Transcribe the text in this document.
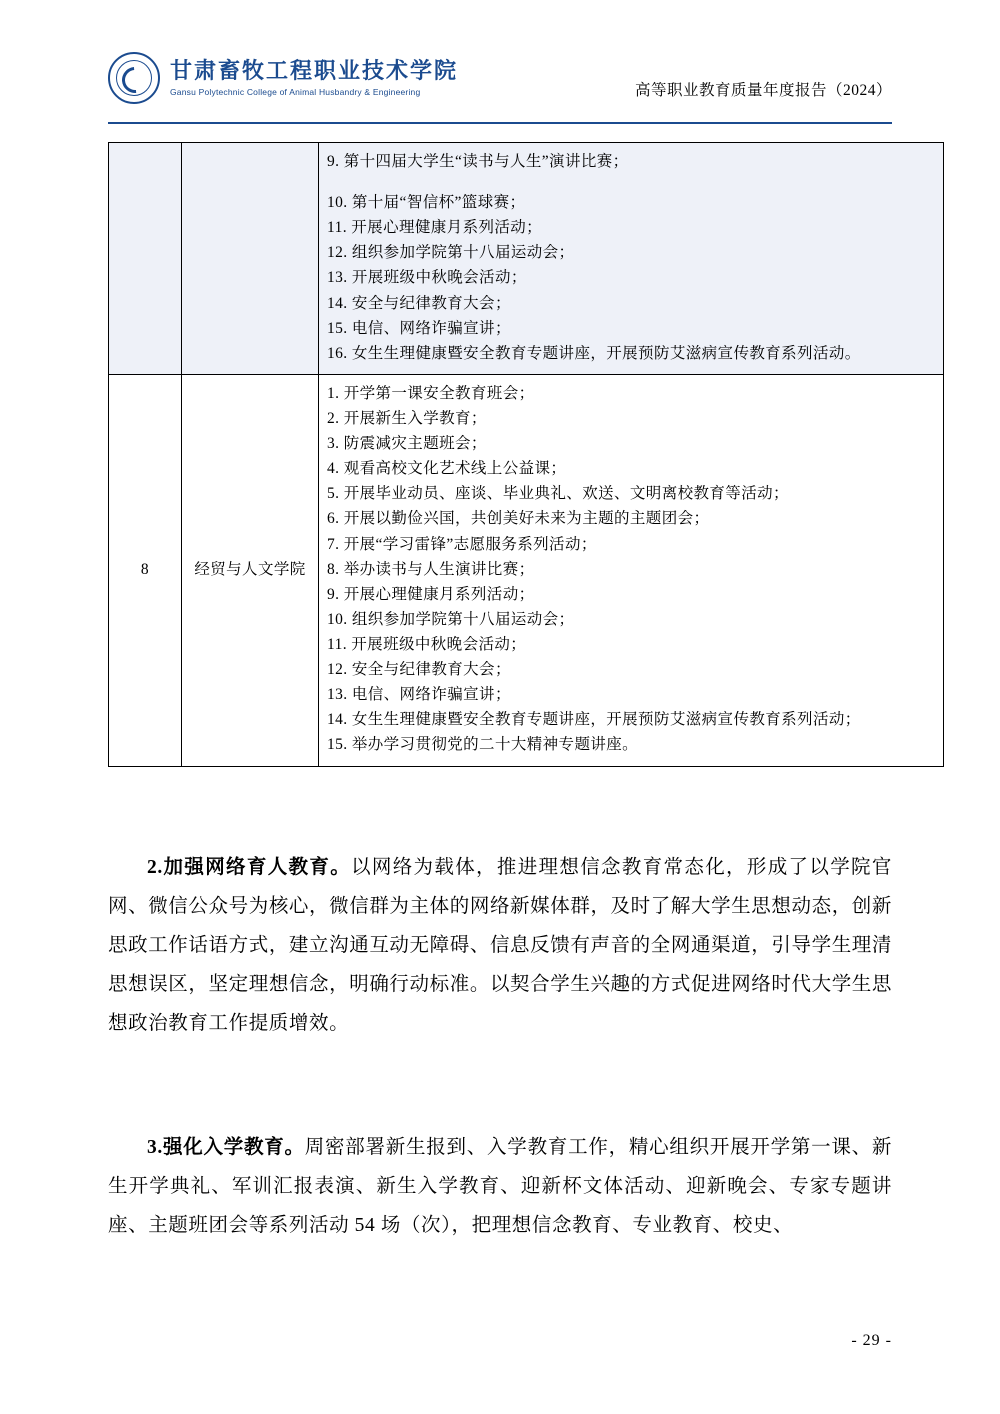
甘肃畜牧工程职业技术学院
Gansu Polytechnic College of Animal Husbandry & Engineering	高等职业教育质量年度报告（2024）

9. 第十四届大学生“读书与人生”演讲比赛；
10. 第十届“智信杯”篮球赛；
11. 开展心理健康月系列活动；
12. 组织参加学院第十八届运动会；
13. 开展班级中秋晚会活动；
14. 安全与纪律教育大会；
15. 电信、网络诈骗宣讲；
16. 女生生理健康暨安全教育专题讲座，开展预防艾滋病宣传教育系列活动。

8	经贸与人文学院	
1. 开学第一课安全教育班会；
2. 开展新生入学教育；
3. 防震减灾主题班会；
4. 观看高校文化艺术线上公益课；
5. 开展毕业动员、座谈、毕业典礼、欢送、文明离校教育等活动；
6. 开展以勤俭兴国，共创美好未来为主题的主题团会；
7. 开展“学习雷锋”志愿服务系列活动；
8. 举办读书与人生演讲比赛；
9. 开展心理健康月系列活动；
10. 组织参加学院第十八届运动会；
11. 开展班级中秋晚会活动；
12. 安全与纪律教育大会；
13. 电信、网络诈骗宣讲；
14. 女生生理健康暨安全教育专题讲座，开展预防艾滋病宣传教育系列活动；
15. 举办学习贯彻党的二十大精神专题讲座。

2.加强网络育人教育。以网络为载体，推进理想信念教育常态化，形成了以学院官网、微信公众号为核心，微信群为主体的网络新媒体群，及时了解大学生思想动态，创新思政工作话语方式，建立沟通互动无障碍、信息反馈有声音的全网通渠道，引导学生理清思想误区，坚定理想信念，明确行动标准。以契合学生兴趣的方式促进网络时代大学生思想政治教育工作提质增效。

3.强化入学教育。周密部署新生报到、入学教育工作，精心组织开展开学第一课、新生开学典礼、军训汇报表演、新生入学教育、迎新杯文体活动、迎新晚会、专家专题讲座、主题班团会等系列活动 54 场（次），把理想信念教育、专业教育、校史、

- 29 -
